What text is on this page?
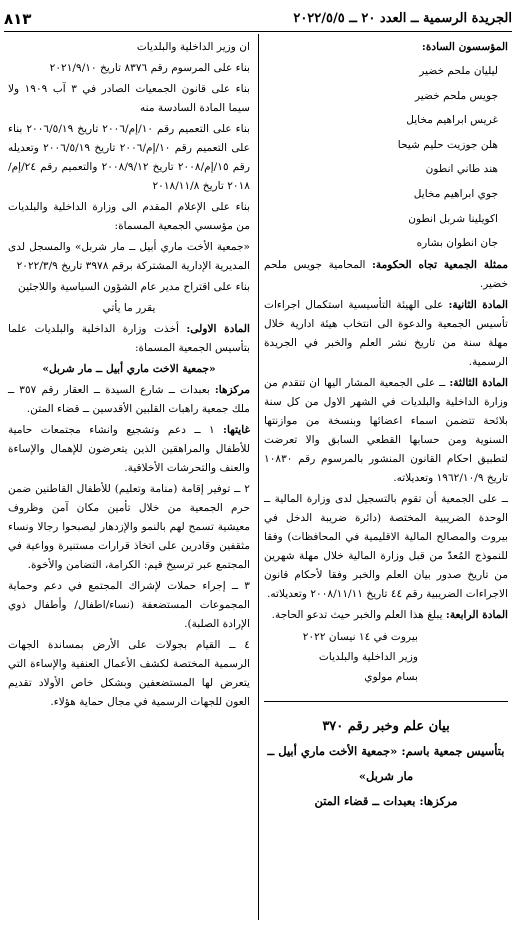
الجريدة الرسمية ــ العدد ٢٠ ــ ٢٠٢٢/٥/٥
٨١٣

المؤسسون السادة:

ليليان ملحم خضير
جويس ملحم خضير
غريس ابراهيم مخايل
هلن جوزيت حليم شيحا
هند طاني انطون
جوي ابراهيم مخايل
اكويلينا شربل انطون
جان انطوان بشاره

ممثلة الجمعية تجاه الحكومة: المحامية جويس ملحم خضير.

المادة الثانية: على الهيئة التأسيسية استكمال اجراءات تأسيس الجمعية والدعوة الى انتخاب هيئة ادارية خلال مهلة سنة من تاريخ نشر العلم والخبر في الجريدة الرسمية.

المادة الثالثة: ــ على الجمعية المشار اليها ان تتقدم من وزارة الداخلية والبلديات في الشهر الاول من كل سنة بلائحة تتضمن اسماء اعضائها وبنسخة من موازنتها السنوية ومن حسابها القطعي السابق والا تعرضت لتطبيق احكام القانون المنشور بالمرسوم رقم ١٠٨٣٠ تاريخ ١٩٦٢/١٠/٩ وتعديلاته.

ــ على الجمعية أن تقوم بالتسجيل لدى وزارة المالية ــ الوحدة الضريبية المختصة (دائرة ضريبة الدخل في بيروت والمصالح المالية الاقليمية في المحافظات) وفقا للنموذج المُعدّ من قبل وزارة المالية خلال مهلة شهرين من تاريخ صدور بيان العلم والخبر وفقا لأحكام قانون الاجراءات الضريبية رقم ٤٤ تاريخ ٢٠٠٨/١١/١١ وتعديلاته.

المادة الرابعة: يبلغ هذا العلم والخبر حيث تدعو الحاجة.

بيروت في ١٤ نيسان ٢٠٢٢
وزير الداخلية والبلديات
بسام مولوي
بيان علم وخبر رقم ٣٧٠
بتأسيس جمعية باسم: «جمعية الأخت ماري أبيل ــ مار شربل»
مركزها: بعبدات ــ قضاء المتن

ان وزير الداخلية والبلديات

بناء على المرسوم رقم ٨٣٧٦ تاريخ ٢٠٢١/٩/١٠

بناء على قانون الجمعيات الصادر في ٣ آب ١٩٠٩ ولا سيما المادة السادسة منه

بناء على التعميم رقم ١٠/إم/٢٠٠٦ تاريخ ٢٠٠٦/٥/١٩ بناء على التعميم رقم ١٠/إم/٢٠٠٦ تاريخ ٢٠٠٦/٥/١٩ وتعديله رقم ١٥/إم/٢٠٠٨ تاريخ ٢٠٠٨/٩/١٢ والتعميم رقم ٢٤/إم/٢٠١٨ تاريخ ٢٠١٨/١١/٨

بناء على الإعلام المقدم الى وزارة الداخلية والبلديات من مؤسسي الجمعية المسماة:

«جمعية الأخت ماري أبيل ــ مار شربل» والمسجل لدى المديرية الإدارية المشتركة برقم ٣٩٧٨ تاريخ ٢٠٢٢/٣/٩

بناء على اقتراح مدير عام الشؤون السياسية واللاجئين

يقرر ما يأتي

المادة الاولى: أخذت وزارة الداخلية والبلديات علما بتأسيس الجمعية المسماة:

«جمعية الاخت ماري أبيل ــ مار شربل»

مركزها: بعبدات ــ شارع السيدة ــ العقار رقم ٣٥٧ ــ ملك جمعية راهبات القلبين الأقدسين ــ قضاء المتن.

غايتها: ١ ــ دعم وتشجيع وانشاء مجتمعات حامية للأطفال والمراهقين الذين يتعرضون للإهمال والإساءة والعنف والتحرشات الأخلاقية.

٢ ــ توفير إقامة (منامة وتعليم) للأطفال القاطنين ضمن حرم الجمعية من خلال تأمين مكان آمن وظروف معيشية تسمح لهم بالنمو والإزدهار ليصبحوا رجالا ونساء مثقفين وقادرين على اتخاذ قرارات مستنيرة وواعية في المجتمع عبر ترسيخ قيم: الكرامة، التضامن والأخوة.

٣ ــ إجراء حملات لإشراك المجتمع في دعم وحماية المجموعات المستضعفة (نساء/اطفال/ وأطفال ذوي الإرادة الصلبة).

٤ ــ القيام بجولات على الأرض بمساندة الجهات الرسمية المختصة لكشف الأعمال العنفية والإساءة التي يتعرض لها المستضعفين وبشكل خاص الأولاد تقديم العون للجهات الرسمية في مجال حماية هؤلاء.
